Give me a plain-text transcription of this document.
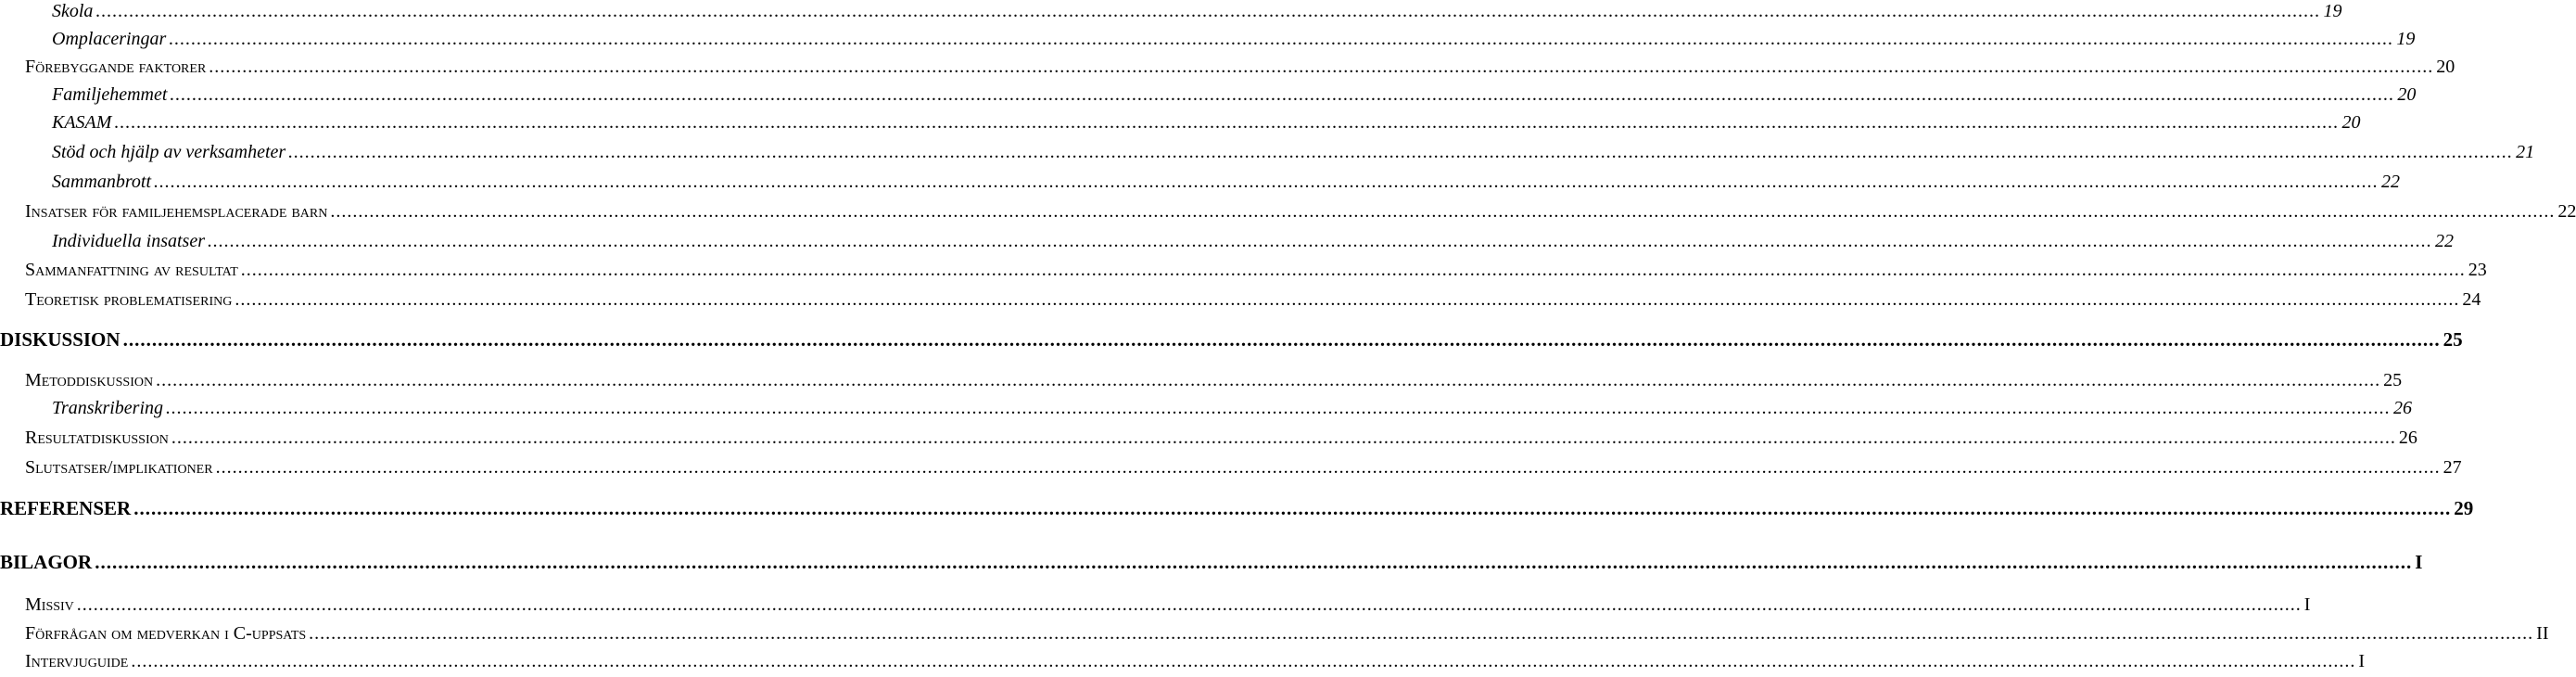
Skola ................................................................................................................................................................................................................................................................................................................................................................................................................ 19
Omplaceringar ................................................................................................................................................................................................................................................................................................................................................................................................................ 19
Förebyggande faktorer ................................................................................................................................................................................................................................................................................................................................................................................................................ 20
Familjehemmet ................................................................................................................................................................................................................................................................................................................................................................................................................ 20
KASAM ................................................................................................................................................................................................................................................................................................................................................................................................................ 20
Stöd och hjälp av verksamheter ................................................................................................................................................................................................................................................................................................................................................................................................................ 21
Sammanbrott ................................................................................................................................................................................................................................................................................................................................................................................................................ 22
Insatser för familjehemsplacerade barn ................................................................................................................................................................................................................................................................................................................................................................................................................ 22
Individuella insatser ................................................................................................................................................................................................................................................................................................................................................................................................................ 22
Sammanfattning av resultat ................................................................................................................................................................................................................................................................................................................................................................................................................ 23
Teoretisk problematisering ................................................................................................................................................................................................................................................................................................................................................................................................................ 24
DISKUSSION ................................................................................................................................................................................................................................................................................................................................................................................................................ 25
Metoddiskussion ................................................................................................................................................................................................................................................................................................................................................................................................................ 25
Transkribering ................................................................................................................................................................................................................................................................................................................................................................................................................ 26
Resultatdiskussion ................................................................................................................................................................................................................................................................................................................................................................................................................ 26
Slutsatser/implikationer ................................................................................................................................................................................................................................................................................................................................................................................................................ 27
REFERENSER ................................................................................................................................................................................................................................................................................................................................................................................................................ 29
BILAGOR ................................................................................................................................................................................................................................................................................................................................................................................................................ I
Missiv ................................................................................................................................................................................................................................................................................................................................................................................................................ I
Förfrågan om medverkan i C-uppsats ................................................................................................................................................................................................................................................................................................................................................................................................................ II
Intervjuguide ................................................................................................................................................................................................................................................................................................................................................................................................................ I
